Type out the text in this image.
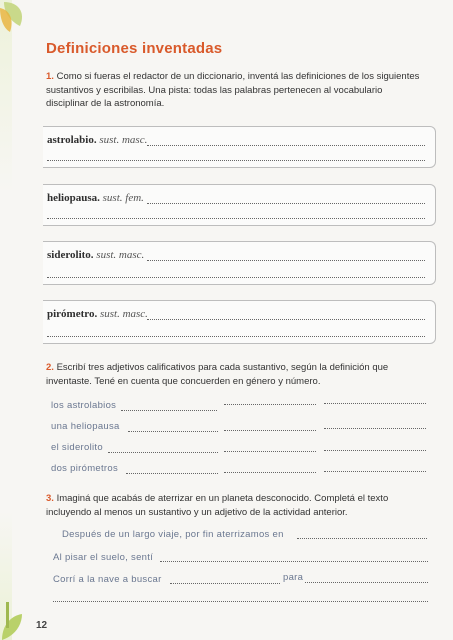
Definiciones inventadas
1. Como si fueras el redactor de un diccionario, inventá las definiciones de los siguientes sustantivos y escribilas. Una pista: todas las palabras pertenecen al vocabulario disciplinar de la astronomía.
astrolabio. sust. masc.
heliopausa. sust. fem.
siderolito. sust. masc.
pirómetro. sust. masc.
2. Escribí tres adjetivos calificativos para cada sustantivo, según la definición que inventaste. Tené en cuenta que concuerden en género y número.
los astrolabios
una heliopausa
el siderolito
dos pirómetros
3. Imaginá que acabás de aterrizar en un planeta desconocido. Completá el texto incluyendo al menos un sustantivo y un adjetivo de la actividad anterior.
Después de un largo viaje, por fin aterrizamos en
Al pisar el suelo, sentí
Corrí a la nave a buscar	para
12
